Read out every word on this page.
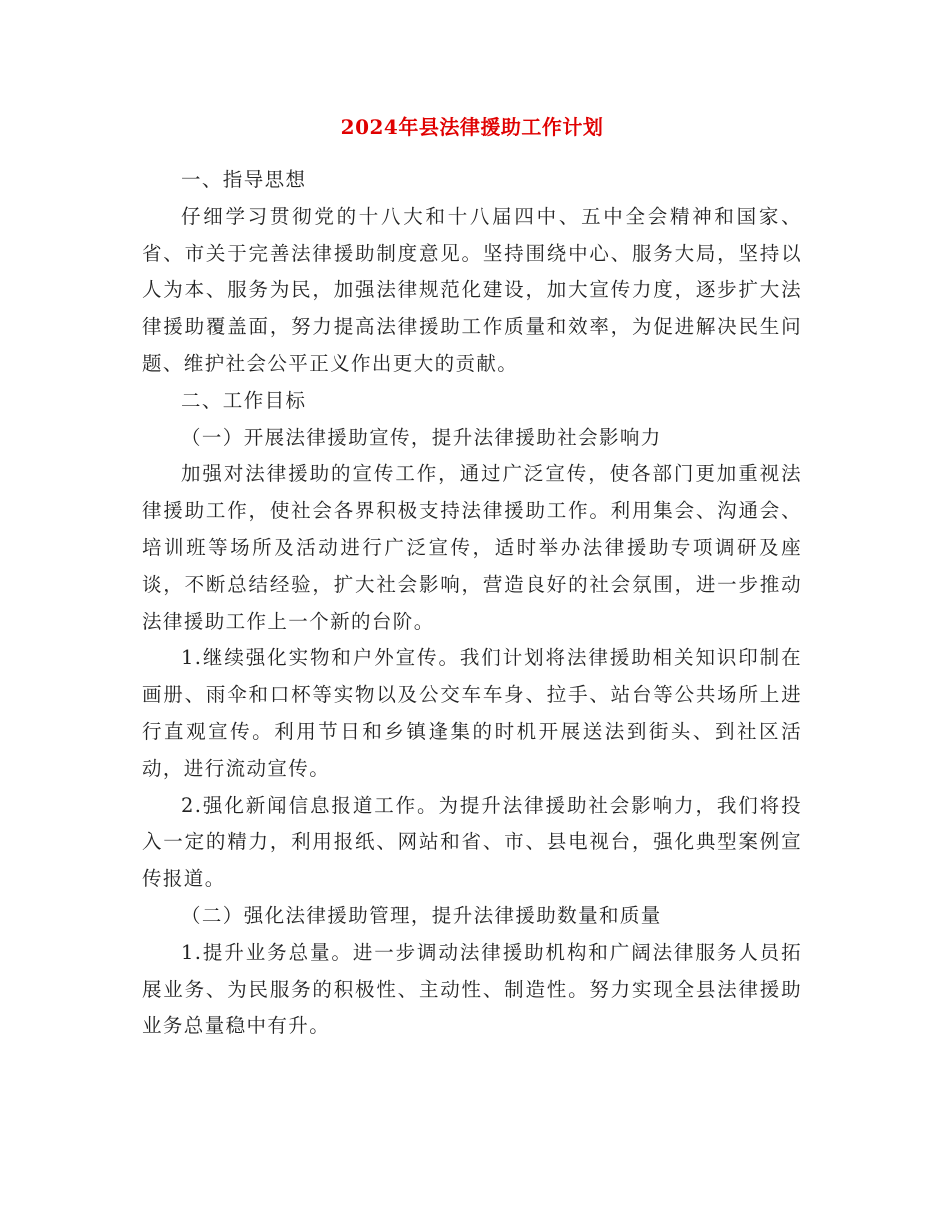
2024年县法律援助工作计划

一、指导思想

仔细学习贯彻党的十八大和十八届四中、五中全会精神和国家、省、市关于完善法律援助制度意见。坚持围绕中心、服务大局，坚持以人为本、服务为民，加强法律规范化建设，加大宣传力度，逐步扩大法律援助覆盖面，努力提高法律援助工作质量和效率，为促进解决民生问题、维护社会公平正义作出更大的贡献。

二、工作目标

（一）开展法律援助宣传，提升法律援助社会影响力

加强对法律援助的宣传工作，通过广泛宣传，使各部门更加重视法律援助工作，使社会各界积极支持法律援助工作。利用集会、沟通会、培训班等场所及活动进行广泛宣传，适时举办法律援助专项调研及座谈，不断总结经验，扩大社会影响，营造良好的社会氛围，进一步推动法律援助工作上一个新的台阶。

1.继续强化实物和户外宣传。我们计划将法律援助相关知识印制在画册、雨伞和口杯等实物以及公交车车身、拉手、站台等公共场所上进行直观宣传。利用节日和乡镇逢集的时机开展送法到街头、到社区活动，进行流动宣传。

2.强化新闻信息报道工作。为提升法律援助社会影响力，我们将投入一定的精力，利用报纸、网站和省、市、县电视台，强化典型案例宣传报道。

（二）强化法律援助管理，提升法律援助数量和质量

1.提升业务总量。进一步调动法律援助机构和广阔法律服务人员拓展业务、为民服务的积极性、主动性、制造性。努力实现全县法律援助业务总量稳中有升。
